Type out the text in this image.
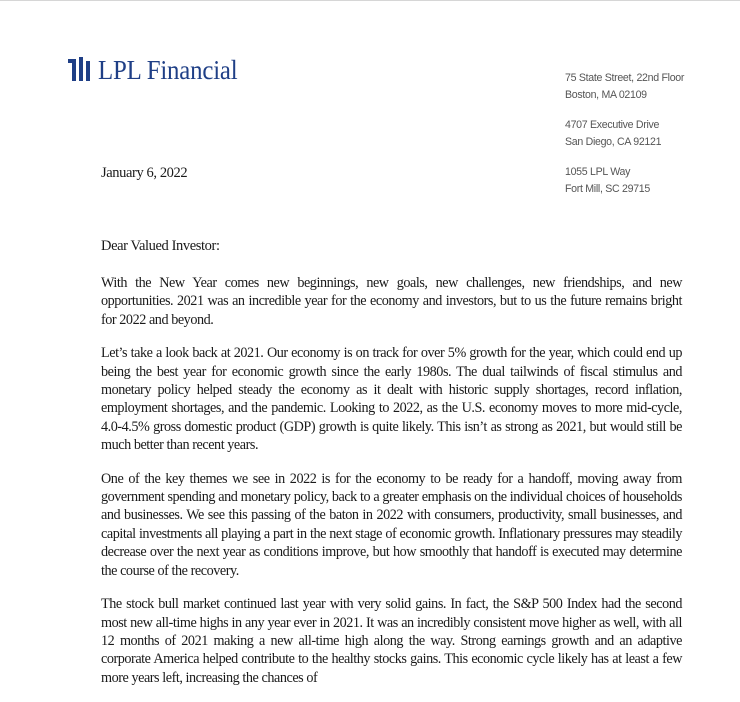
LPL Financial	75 State Street, 22nd Floor
Boston, MA 02109
4707 Executive Drive
San Diego, CA 92121
1055 LPL Way
Fort Mill, SC 29715
January 6, 2022
Dear Valued Investor:

With the New Year comes new beginnings, new goals, new challenges, new friendships, and new opportunities. 2021 was an incredible year for the economy and investors, but to us the future remains bright for 2022 and beyond.

Let’s take a look back at 2021. Our economy is on track for over 5% growth for the year, which could end up being the best year for economic growth since the early 1980s. The dual tailwinds of fiscal stimulus and monetary policy helped steady the economy as it dealt with historic supply shortages, record inflation, employment shortages, and the pandemic. Looking to 2022, as the U.S. economy moves to more mid-cycle, 4.0-4.5% gross domestic product (GDP) growth is quite likely. This isn’t as strong as 2021, but would still be much better than recent years.

One of the key themes we see in 2022 is for the economy to be ready for a handoff, moving away from government spending and monetary policy, back to a greater emphasis on the individual choices of households and businesses. We see this passing of the baton in 2022 with consumers, productivity, small businesses, and capital investments all playing a part in the next stage of economic growth. Inflationary pressures may steadily decrease over the next year as conditions improve, but how smoothly that handoff is executed may determine the course of the recovery.

The stock bull market continued last year with very solid gains. In fact, the S&P 500 Index had the second most new all-time highs in any year ever in 2021. It was an incredibly consistent move higher as well, with all 12 months of 2021 making a new all-time high along the way. Strong earnings growth and an adaptive corporate America helped contribute to the healthy stocks gains. This economic cycle likely has at least a few more years left, increasing the chances of
